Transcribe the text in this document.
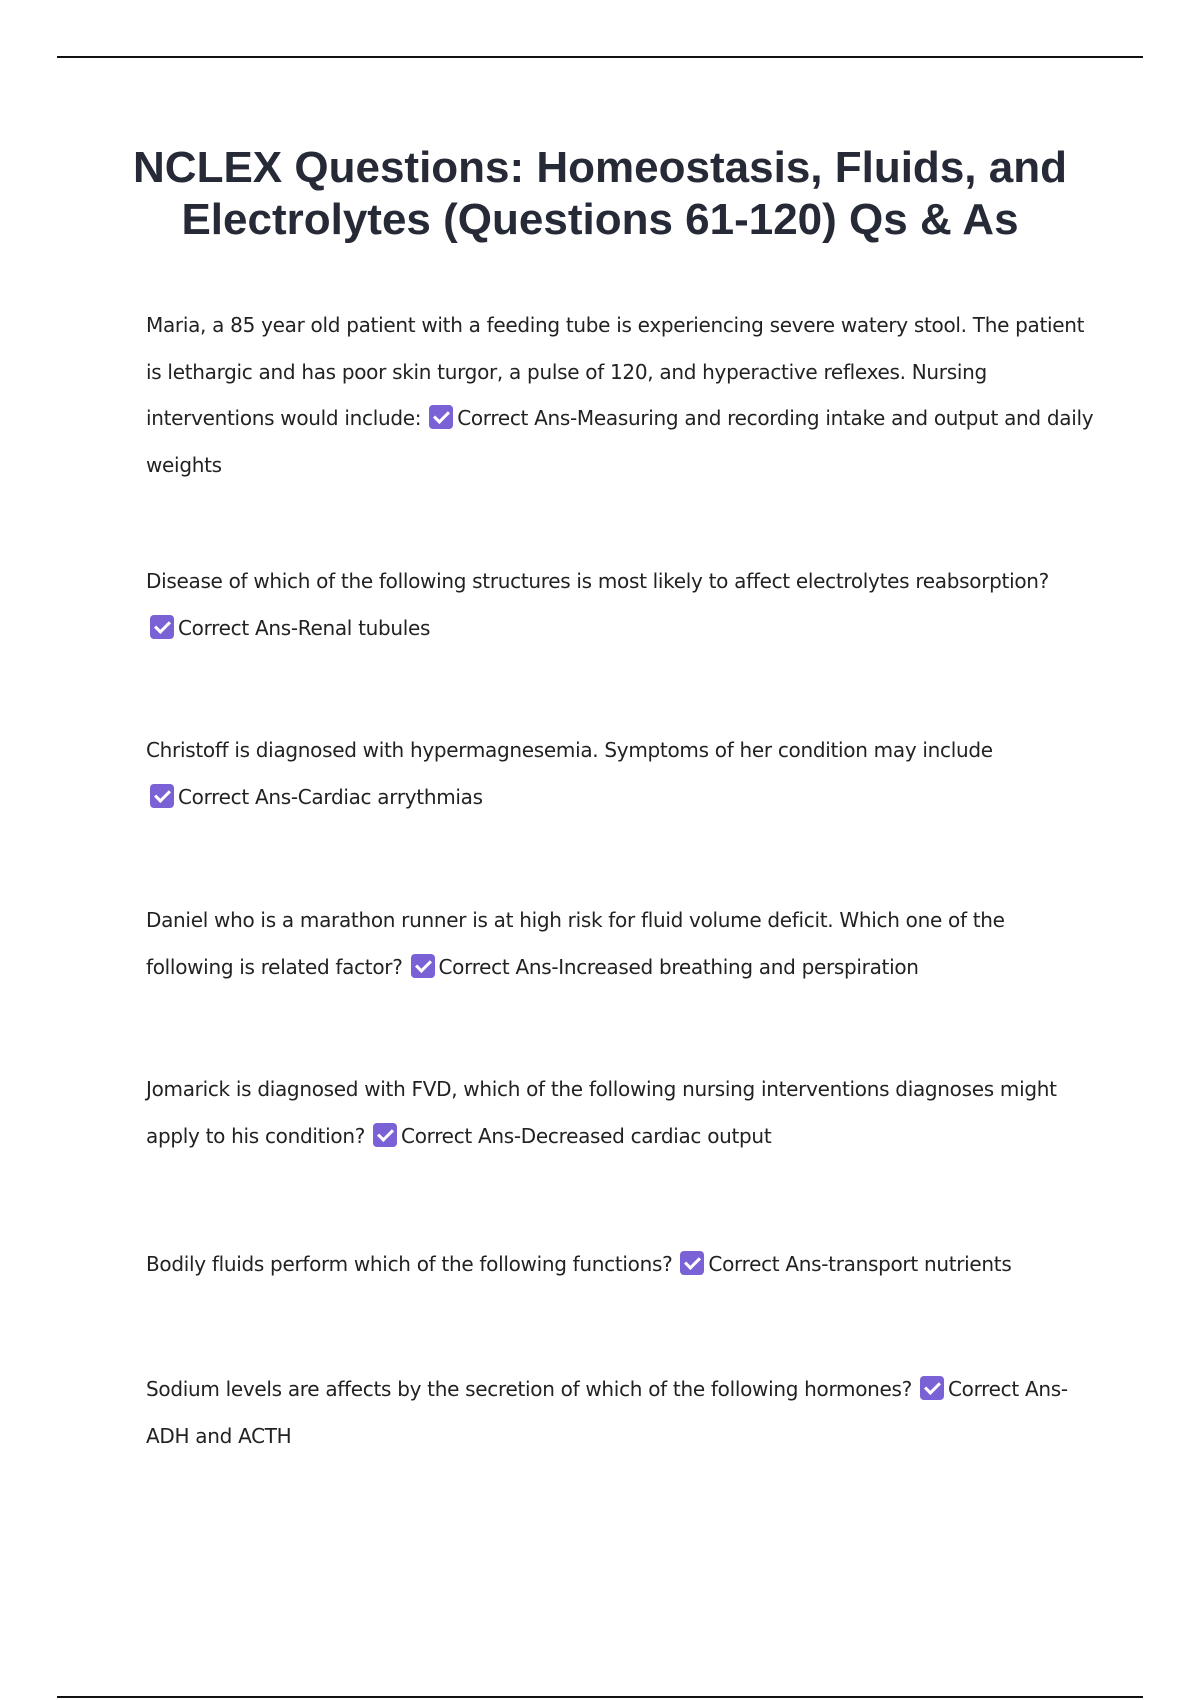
NCLEX Questions: Homeostasis, Fluids, and Electrolytes (Questions 61-120) Qs & As
Maria, a 85 year old patient with a feeding tube is experiencing severe watery stool. The patient is lethargic and has poor skin turgor, a pulse of 120, and hyperactive reflexes. Nursing interventions would include: Correct Ans-Measuring and recording intake and output and daily weights
Disease of which of the following structures is most likely to affect electrolytes reabsorption?
Correct Ans-Renal tubules
Christoff is diagnosed with hypermagnesemia. Symptoms of her condition may include
Correct Ans-Cardiac arrythmias
Daniel who is a marathon runner is at high risk for fluid volume deficit. Which one of the following is related factor? Correct Ans-Increased breathing and perspiration
Jomarick is diagnosed with FVD, which of the following nursing interventions diagnoses might apply to his condition? Correct Ans-Decreased cardiac output
Bodily fluids perform which of the following functions? Correct Ans-transport nutrients
Sodium levels are affects by the secretion of which of the following hormones? Correct Ans-ADH and ACTH
